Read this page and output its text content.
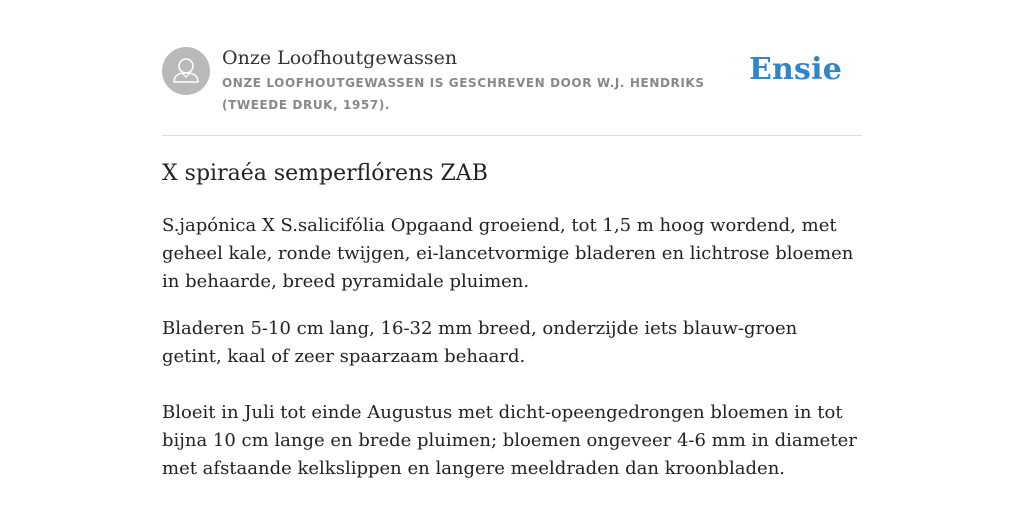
Onze Loofhoutgewassen
ONZE LOOFHOUTGEWASSEN IS GESCHREVEN DOOR W.J. HENDRIKS (TWEEDE DRUK, 1957).
Ensie
X spiraéa semperflórens ZAB

S.japónica X S.salicifólia Opgaand groeiend, tot 1,5 m hoog wordend, met geheel kale, ronde twijgen, ei-lancetvormige bladeren en lichtrose bloemen in behaarde, breed pyramidale pluimen.

Bladeren 5-10 cm lang, 16-32 mm breed, onderzijde iets blauw-groen getint, kaal of zeer spaarzaam behaard.

Bloeit in Juli tot einde Augustus met dicht-opeengedrongen bloemen in tot bijna 10 cm lange en brede pluimen; bloemen ongeveer 4-6 mm in diameter met afstaande kelkslippen en langere meeldraden dan kroonbladen.
